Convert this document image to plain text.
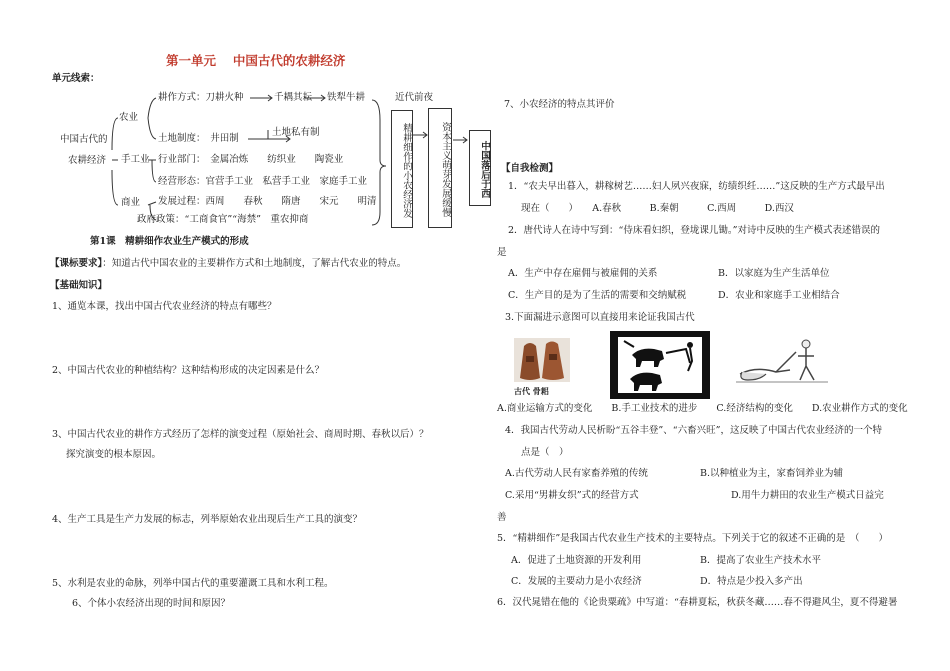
第一单元　 中国古代的农耕经济
单元线索：
中国古代的
农耕经济
农业
手工业
商业
耕作方式：刀耕火种	千耦其耘 铁犁牛耕	近代前夜
土地制度：　井田制
土地私有制
行业部门：　金属冶炼　　纺织业　　陶瓷业
经营形态：官营手工业　私营手工业　家庭手工业
发展过程：西周　　春秋　　隋唐　　宋元　　明清
政府政策：“工商食官”“海禁”　重农抑商
精耕细作的小农经济发	资本主义萌芽发展缓慢	中国落后于西
第1课　精耕细作农业生产模式的形成
【课标要求】：知道古代中国农业的主要耕作方式和土地制度，了解古代农业的特点。
【基础知识】
1、通览本课，找出中国古代农业经济的特点有哪些？
2、中国古代农业的种植结构？这种结构形成的决定因素是什么？
3、中国古代农业的耕作方式经历了怎样的演变过程（原始社会、商周时期、春秋以后）？
探究演变的根本原因。
4、生产工具是生产力发展的标志，列举原始农业出现后生产工具的演变？
5、水利是农业的命脉，列举中国古代的重要灌溉工具和水利工程。
6、个体小农经济出现的时间和原因？
7、小农经济的特点其评价
【自我检测】
1．“农夫早出暮入，耕稼树艺……妇人夙兴夜寐，纺绩织纴……”这反映的生产方式最早出
现在（　　）　　A.春秋　　　B.秦朝　　　C.西周　　　D.西汉
2．唐代诗人在诗中写到：“侍床看妇织，登垅课儿锄。”对诗中反映的生产模式表述错误的
是
A．生产中存在雇佣与被雇佣的关系	B．以家庭为生产生活单位
C．生产目的是为了生活的需要和交纳赋税	D．农业和家庭手工业相结合
3.下面漏进示意图可以直接用来论证我国古代
古代 骨耜
A.商业运输方式的变化　　B.手工业技术的进步　　C.经济结构的变化　　D.农业耕作方式的变化
4．我国古代劳动人民析盼“五谷丰登”、“六畜兴旺”，这反映了中国古代农业经济的一个特
点是（　）
A.古代劳动人民有家畜养殖的传统	B.以种植业为主，家畜饲养业为辅
C.采用“男耕女织”式的经营方式	D.用牛力耕田的农业生产模式日益完
善
5．“精耕细作”是我国古代农业生产技术的主要特点。下列关于它的叙述不正确的是　（　　）
A．促进了土地资源的开发利用	B．提高了农业生产技术水平
C．发展的主要动力是小农经济	D．特点是少投入多产出
6．汉代晁错在他的《论贵粟疏》中写道：“春耕夏耘，秋获冬藏……春不得避风尘，夏不得避暑
